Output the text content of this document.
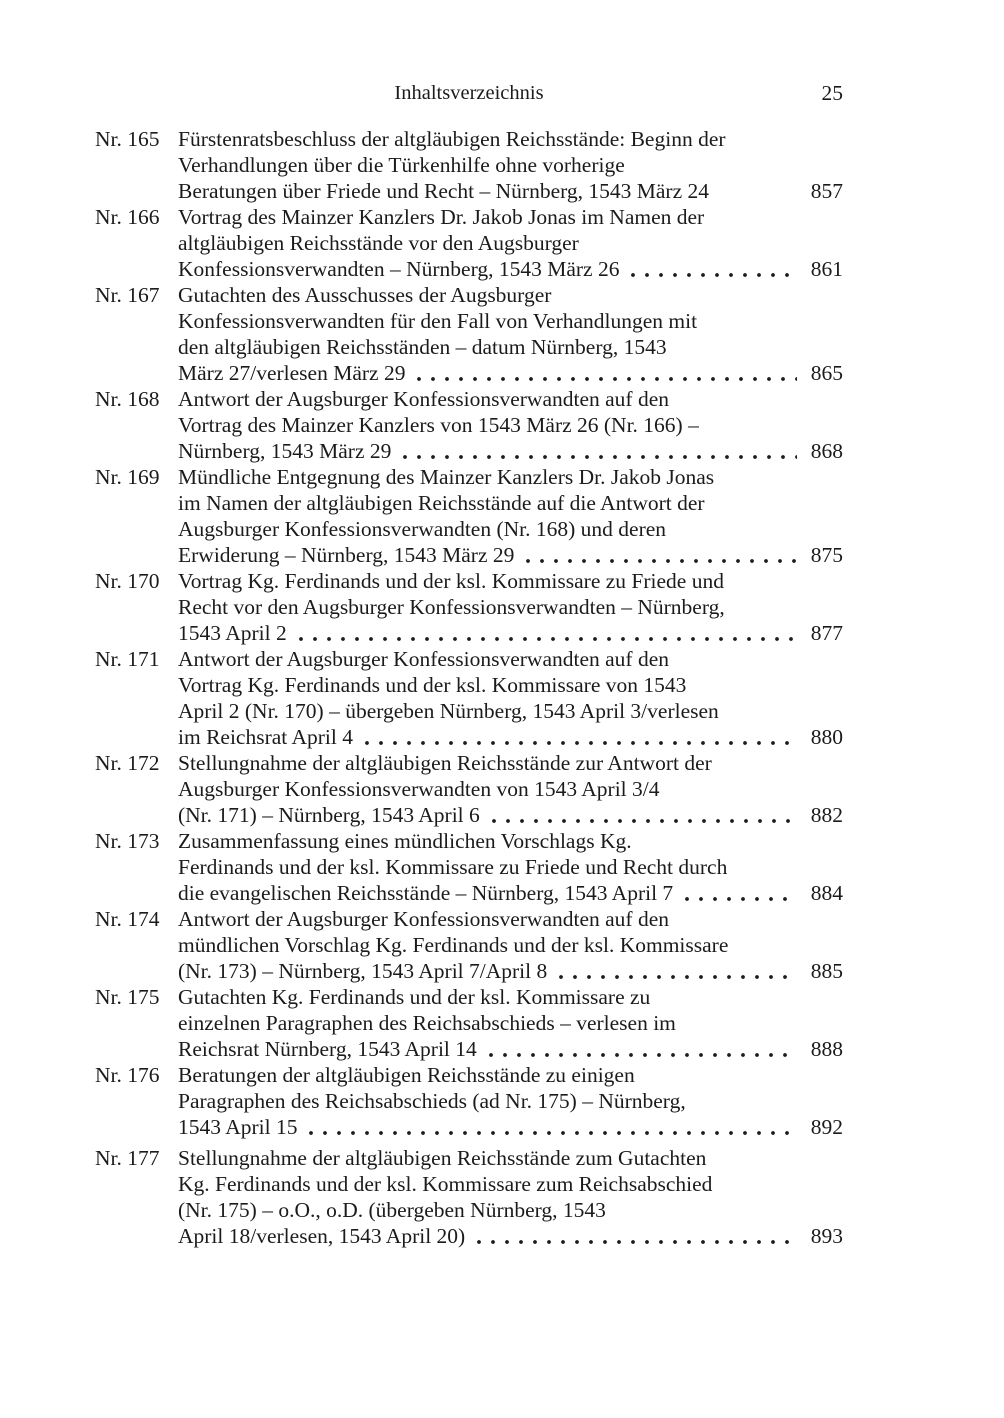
Inhaltsverzeichnis	25
Nr. 165 Fürstenratsbeschluss der altgläubigen Reichsstände: Beginn der
Verhandlungen über die Türkenhilfe ohne vorherige
Beratungen über Friede und Recht – Nürnberg, 1543 März 24	857
Nr. 166 Vortrag des Mainzer Kanzlers Dr. Jakob Jonas im Namen der
altgläubigen Reichsstände vor den Augsburger
Konfessionsverwandten – Nürnberg, 1543 März 26	861
Nr. 167 Gutachten des Ausschusses der Augsburger
Konfessionsverwandten für den Fall von Verhandlungen mit
den altgläubigen Reichsständen – datum Nürnberg, 1543
März 27/verlesen März 29	865
Nr. 168 Antwort der Augsburger Konfessionsverwandten auf den
Vortrag des Mainzer Kanzlers von 1543 März 26 (Nr. 166) –
Nürnberg, 1543 März 29	868
Nr. 169 Mündliche Entgegnung des Mainzer Kanzlers Dr. Jakob Jonas
im Namen der altgläubigen Reichsstände auf die Antwort der
Augsburger Konfessionsverwandten (Nr. 168) und deren
Erwiderung – Nürnberg, 1543 März 29	875
Nr. 170 Vortrag Kg. Ferdinands und der ksl. Kommissare zu Friede und
Recht vor den Augsburger Konfessionsverwandten – Nürnberg,
1543 April 2	877
Nr. 171 Antwort der Augsburger Konfessionsverwandten auf den
Vortrag Kg. Ferdinands und der ksl. Kommissare von 1543
April 2 (Nr. 170) – übergeben Nürnberg, 1543 April 3/verlesen
im Reichsrat April 4	880
Nr. 172 Stellungnahme der altgläubigen Reichsstände zur Antwort der
Augsburger Konfessionsverwandten von 1543 April 3/4
(Nr. 171) – Nürnberg, 1543 April 6	882
Nr. 173 Zusammenfassung eines mündlichen Vorschlags Kg.
Ferdinands und der ksl. Kommissare zu Friede und Recht durch
die evangelischen Reichsstände – Nürnberg, 1543 April 7	884
Nr. 174 Antwort der Augsburger Konfessionsverwandten auf den
mündlichen Vorschlag Kg. Ferdinands und der ksl. Kommissare
(Nr. 173) – Nürnberg, 1543 April 7/April 8	885
Nr. 175 Gutachten Kg. Ferdinands und der ksl. Kommissare zu
einzelnen Paragraphen des Reichsabschieds – verlesen im
Reichsrat Nürnberg, 1543 April 14	888
Nr. 176 Beratungen der altgläubigen Reichsstände zu einigen
Paragraphen des Reichsabschieds (ad Nr. 175) – Nürnberg,
1543 April 15	892
Nr. 177 Stellungnahme der altgläubigen Reichsstände zum Gutachten
Kg. Ferdinands und der ksl. Kommissare zum Reichsabschied
(Nr. 175) – o.O., o.D. (übergeben Nürnberg, 1543
April 18/verlesen, 1543 April 20)	893
